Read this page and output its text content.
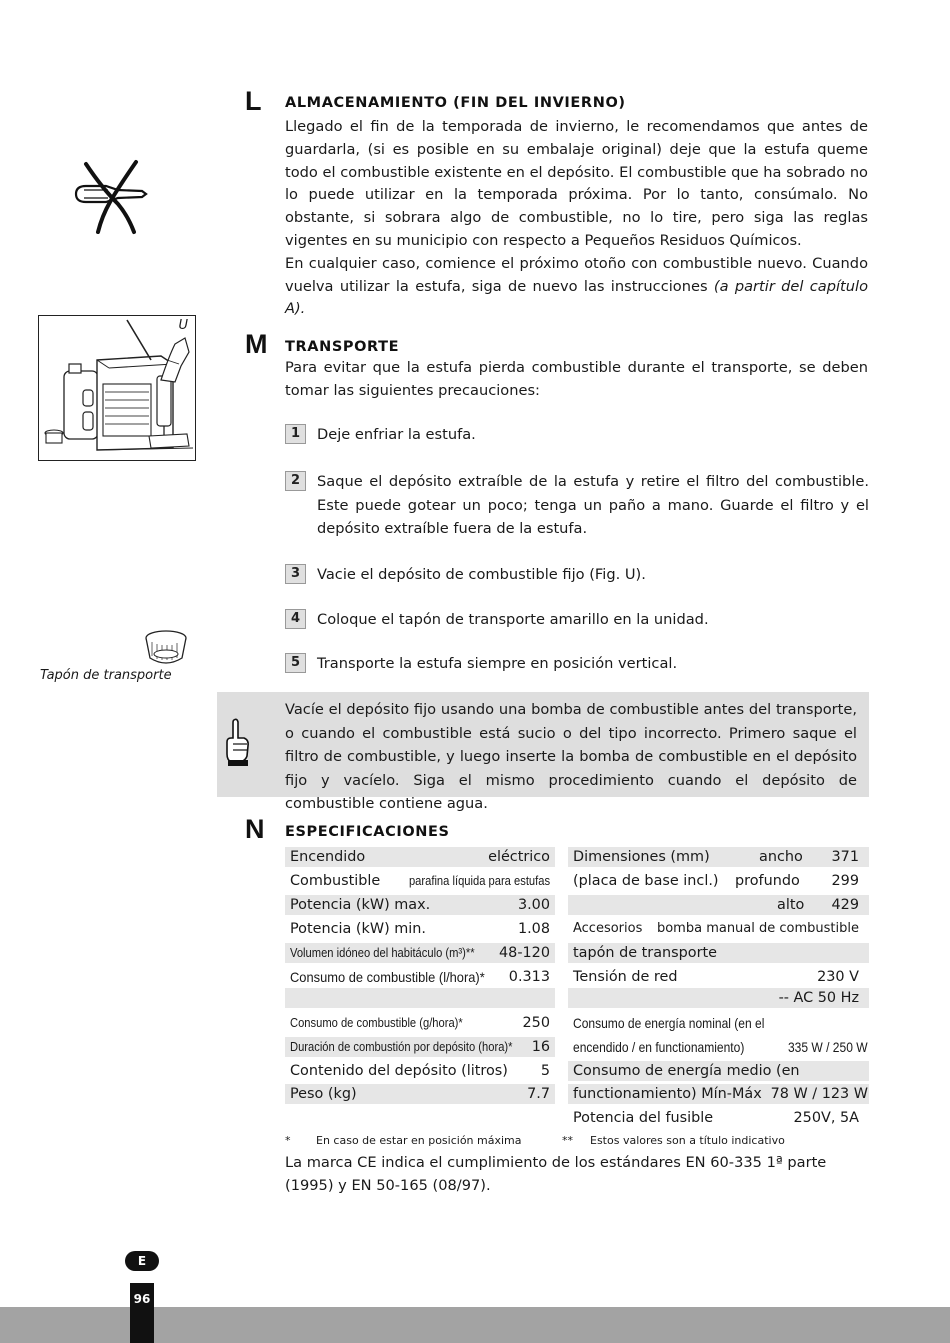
L ALMACENAMIENTO (FIN DEL INVIERNO)
Llegado el fin de la temporada de invierno, le recomendamos que antes de guardarla, (si es posible en su embalaje original) deje que la estufa queme todo el combustible existente en el depósito. El combustible que ha sobrado no lo puede utilizar en la temporada próxima. Por lo tanto, consúmalo. No obstante, si sobrara algo de combustible, no lo tire, pero siga las reglas vigentes en su municipio con respecto a Pequeños Residuos Químicos.
En cualquier caso, comience el próximo otoño con combustible nuevo. Cuando vuelva utilizar la estufa, siga de nuevo las instrucciones (a partir del capítulo A).
M TRANSPORTE
Para evitar que la estufa pierda combustible durante el transporte, se deben tomar las siguientes precauciones:
U
1	Deje enfriar la estufa.
2	Saque el depósito extraíble de la estufa y retire el filtro del combustible. Este puede gotear un poco; tenga un paño a mano. Guarde el filtro y el depósito extraíble fuera de la estufa.
3	Vacie el depósito de combustible fijo (Fig. U).
4	Coloque el tapón de transporte amarillo en la unidad.
5	Transporte la estufa siempre en posición vertical.
Tapón de transporte
Vacíe el depósito fijo usando una bomba de combustible antes del transporte, o cuando el combustible está sucio o del tipo incorrecto. Primero saque el filtro de combustible, y luego inserte la bomba de combustible en el depósito fijo y vacíelo. Siga el mismo procedimiento cuando el depósito de combustible contiene agua.
N ESPECIFICACIONES
Encendido	eléctrico
Combustible	parafina líquida para estufas
Potencia (kW) max.	3.00
Potencia (kW) min.	1.08
Volumen idóneo del habitáculo (m³)**	48-120
Consumo de combustible (l/hora)*	0.313
Consumo de combustible (g/hora)*	250
Duración de combustión por depósito (hora)*	16
Contenido del depósito (litros) 5
Peso (kg)	7.7
Dimensiones (mm)	ancho 371
(placa de base incl.) profundo 299
alto 429
Accesorios bomba manual de combustible
tapón de transporte
Tensión de red	230 V
-- AC 50 Hz
Consumo de energía nominal (en el
encendido / en functionamiento)	335 W / 250 W
Consumo de energía medio (en
functionamiento) Mín-Máx 78 W / 123 W
Potencia del fusible	250V, 5A
* En caso de estar en posición máxima	** Estos valores son a título indicativo
La marca CE indica el cumplimiento de los estándares EN 60-335 1ª parte (1995) y EN 50-165 (08/97).
E
96
